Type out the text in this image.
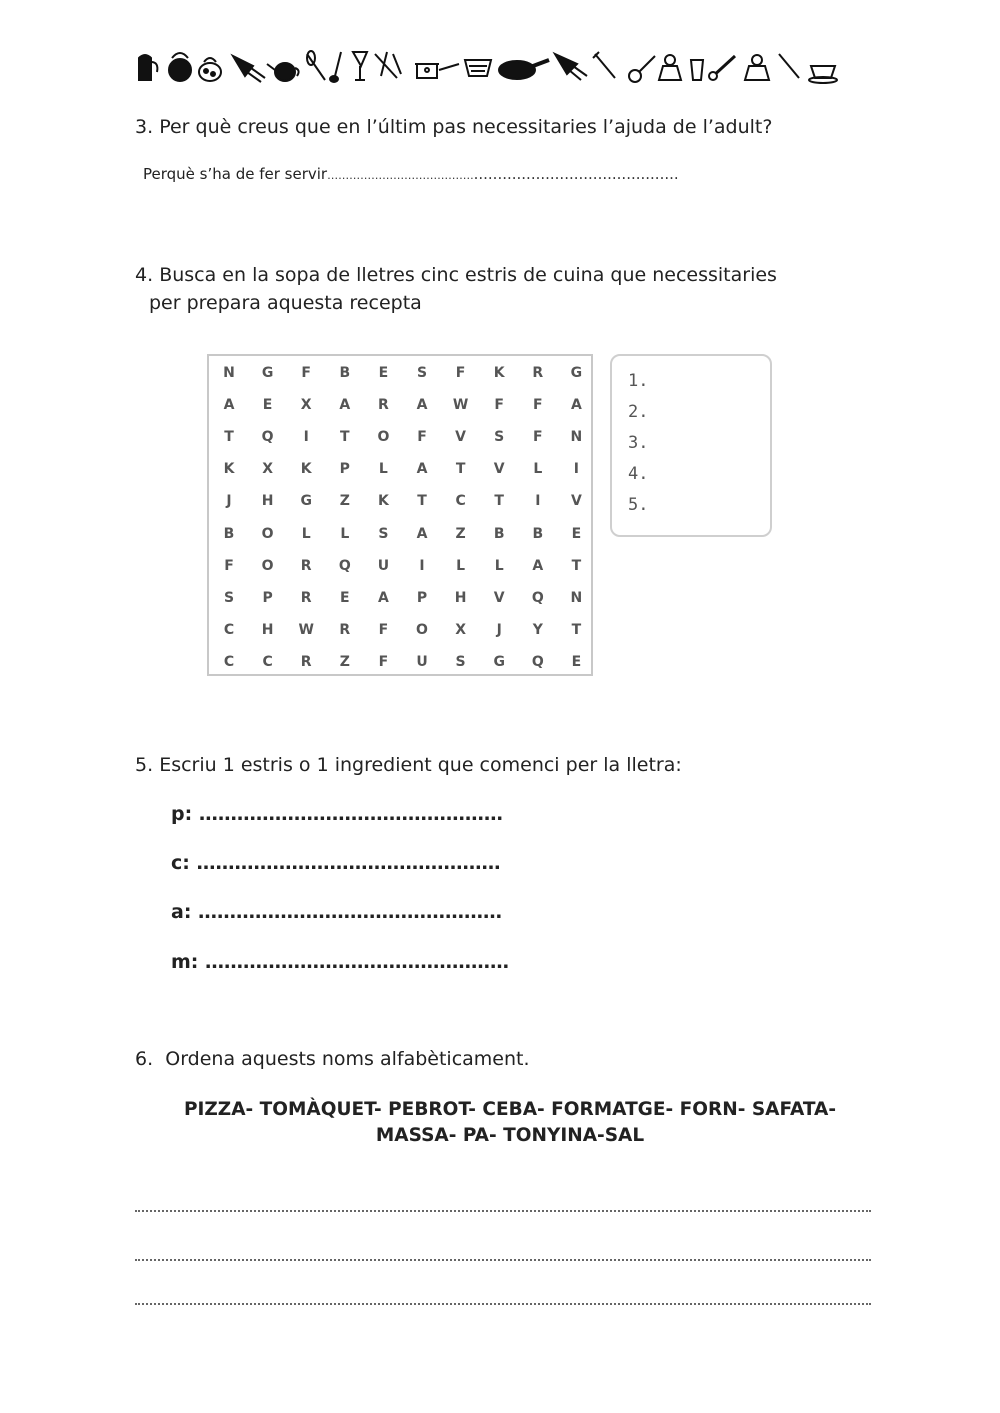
3. Per què creus que en l’últim pas necessitaries l’ajuda de l’adult?
Perquè s’ha de fer servir…………………………………............................................
4. Busca en la sopa de lletres cinc estris de cuina que necessitaries
per prepara aquesta recepta
N	G	F	B	E	S	F	K	R	G
A	E	X	A	R	A	W	F	F	A
T	Q	I	T	O	F	V	S	F	N
K	X	K	P	L	A	T	V	L	I
J	H	G	Z	K	T	C	T	I	V
B	O	L	L	S	A	Z	B	B	E
F	O	R	Q	U	I	L	L	A	T
S	P	R	E	A	P	H	V	Q	N
C	H	W	R	F	O	X	J	Y	T
C	C	R	Z	F	U	S	G	Q	E
1.
2.
3.
4.
5.
5. Escriu 1 estris o 1 ingredient que comenci per la lletra:
p: …………………………………………
c: …………………………………………
a: …………………………………………
m: …………………………………………
6. Ordena aquests noms alfabèticament.
PIZZA- TOMÀQUET- PEBROT- CEBA- FORMATGE- FORN- SAFATA-
MASSA- PA- TONYINA-SAL
